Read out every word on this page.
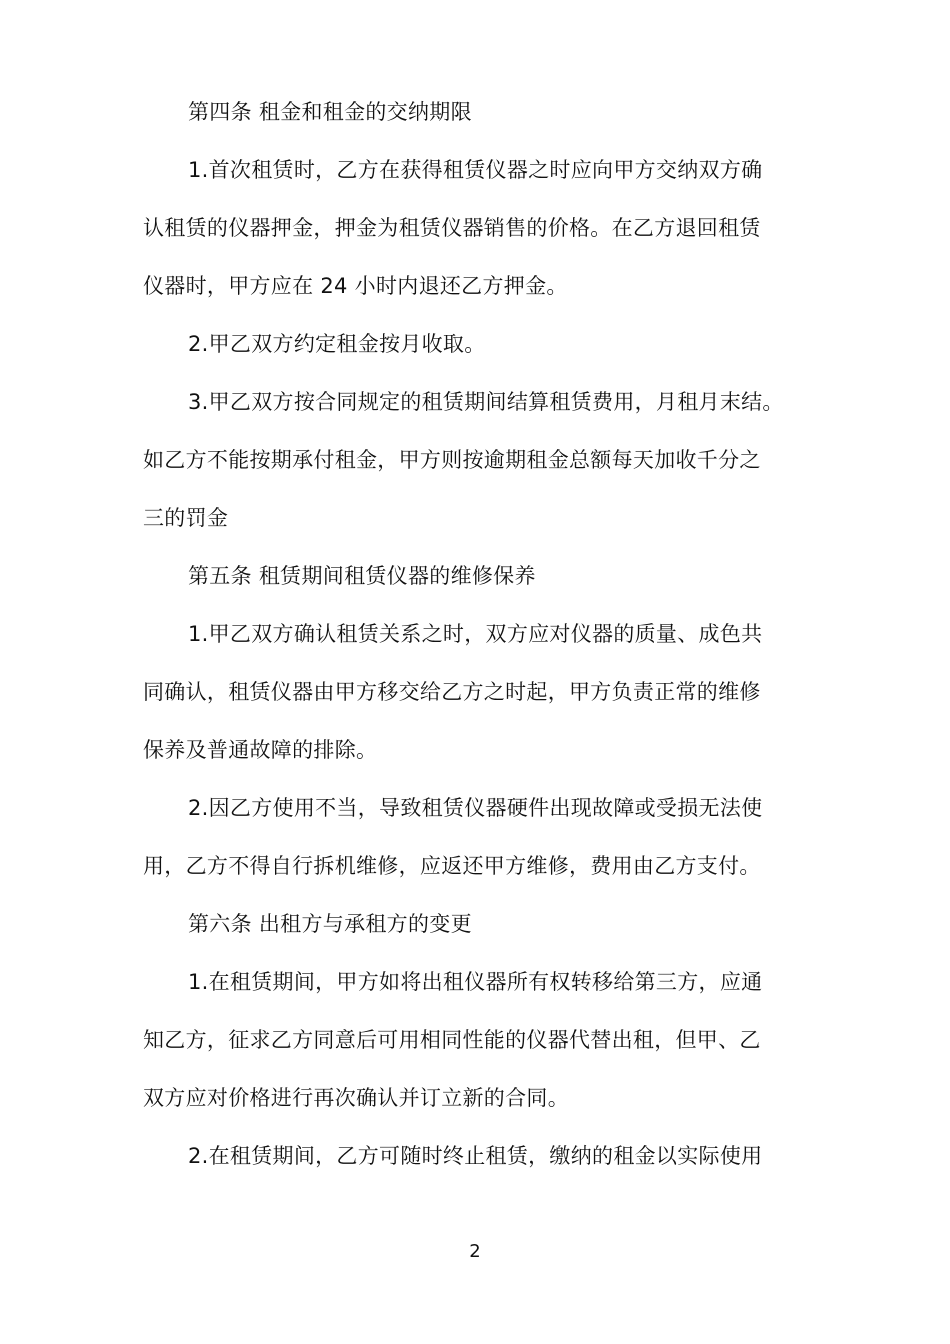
第四条 租金和租金的交纳期限
1.首次租赁时，乙方在获得租赁仪器之时应向甲方交纳双方确
认租赁的仪器押金，押金为租赁仪器销售的价格。在乙方退回租赁
仪器时，甲方应在 24 小时内退还乙方押金。
2.甲乙双方约定租金按月收取。
3.甲乙双方按合同规定的租赁期间结算租赁费用，月租月末结。
如乙方不能按期承付租金，甲方则按逾期租金总额每天加收千分之
三的罚金
第五条 租赁期间租赁仪器的维修保养
1.甲乙双方确认租赁关系之时，双方应对仪器的质量、成色共
同确认，租赁仪器由甲方移交给乙方之时起，甲方负责正常的维修
保养及普通故障的排除。
2.因乙方使用不当，导致租赁仪器硬件出现故障或受损无法使
用，乙方不得自行拆机维修，应返还甲方维修，费用由乙方支付。
第六条 出租方与承租方的变更
1.在租赁期间，甲方如将出租仪器所有权转移给第三方，应通
知乙方，征求乙方同意后可用相同性能的仪器代替出租，但甲、乙
双方应对价格进行再次确认并订立新的合同。
2.在租赁期间，乙方可随时终止租赁，缴纳的租金以实际使用
2
